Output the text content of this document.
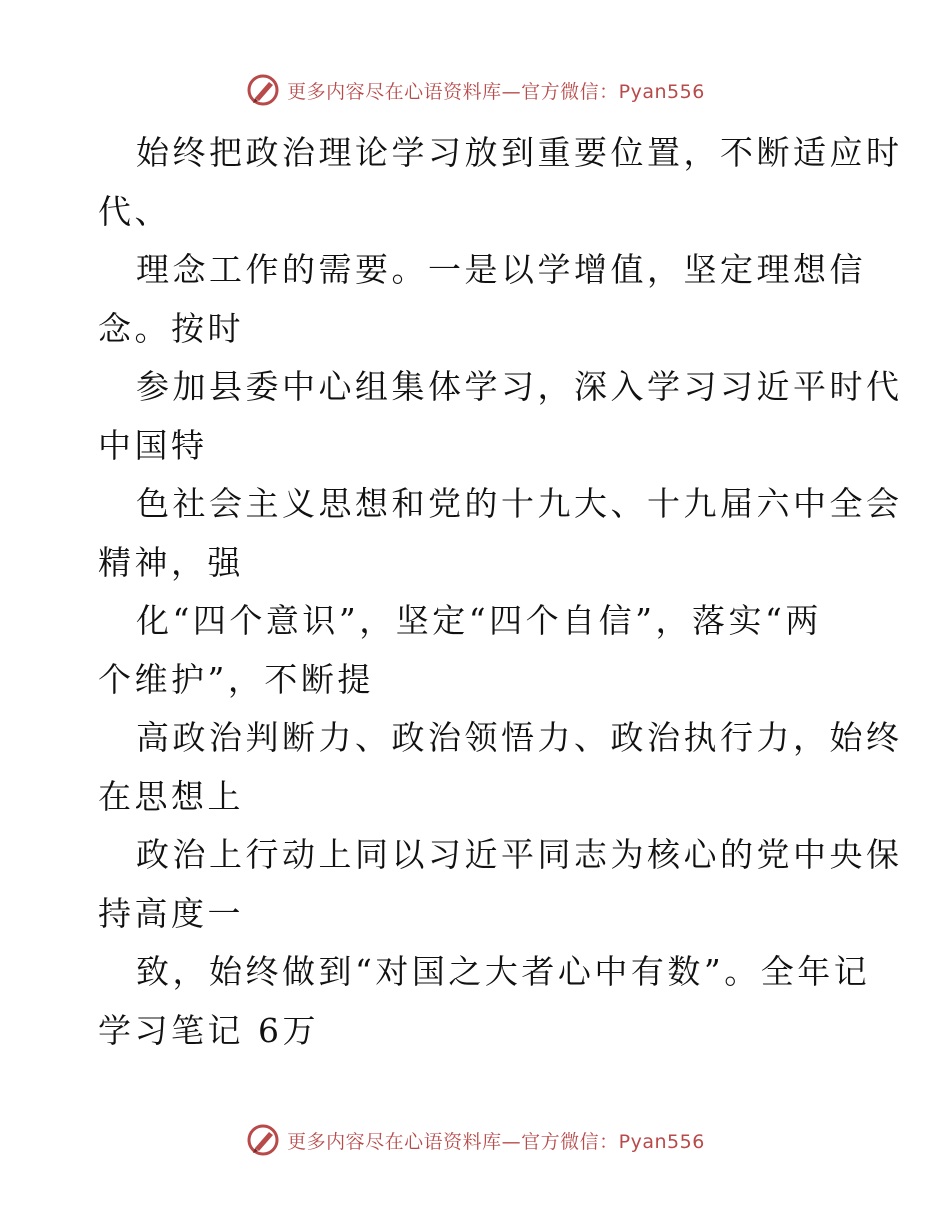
更多内容尽在心语资料库—官方微信：Pyan556
始终把政治理论学习放到重要位置，不断适应时
代、
理念工作的需要。一是以学增值，坚定理想信
念。按时
参加县委中心组集体学习，深入学习习近平时代
中国特
色社会主义思想和党的十九大、十九届六中全会
精神，强
化“四个意识”，坚定“四个自信”，落实“两
个维护”，不断提
高政治判断力、政治领悟力、政治执行力，始终
在思想上
政治上行动上同以习近平同志为核心的党中央保
持高度一
致，始终做到“对国之大者心中有数”。全年记
学习笔记 6万
更多内容尽在心语资料库—官方微信：Pyan556
